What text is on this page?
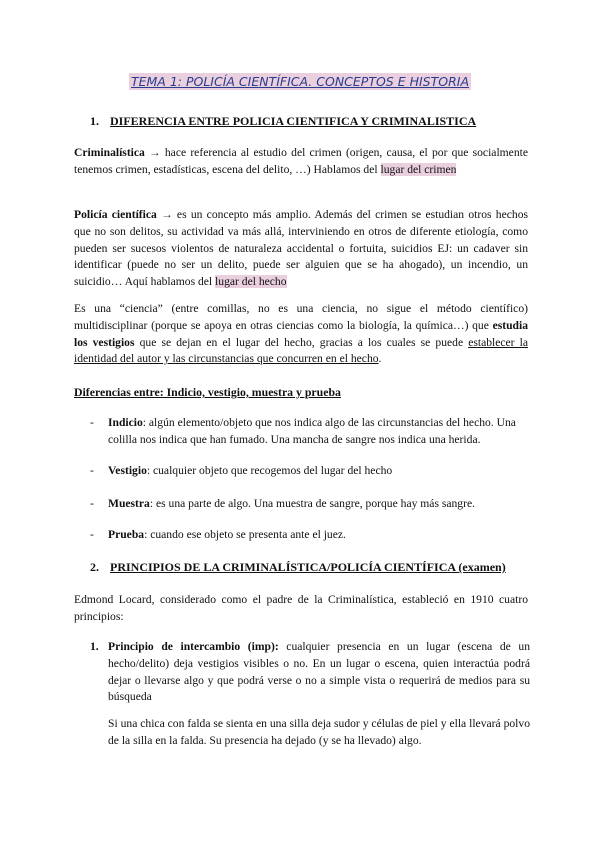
TEMA 1: POLICÍA CIENTÍFICA. CONCEPTOS E HISTORIA
1. DIFERENCIA ENTRE POLICIA CIENTIFICA Y CRIMINALISTICA
Criminalística → hace referencia al estudio del crimen (origen, causa, el por que socialmente tenemos crimen, estadísticas, escena del delito, …) Hablamos del lugar del crimen
Policía científica → es un concepto más amplio. Además del crimen se estudian otros hechos que no son delitos, su actividad va más allá, interviniendo en otros de diferente etiología, como pueden ser sucesos violentos de naturaleza accidental o fortuita, suicidios EJ: un cadaver sin identificar (puede no ser un delito, puede ser alguien que se ha ahogado), un incendio, un suicidio… Aquí hablamos del lugar del hecho
Es una “ciencia” (entre comillas, no es una ciencia, no sigue el método científico) multidisciplinar (porque se apoya en otras ciencias como la biología, la química…) que estudia los vestigios que se dejan en el lugar del hecho, gracias a los cuales se puede establecer la identidad del autor y las circunstancias que concurren en el hecho.
Diferencias entre: Indicio, vestigio, muestra y prueba
- Indicio: algún elemento/objeto que nos indica algo de las circunstancias del hecho. Una colilla nos indica que han fumado. Una mancha de sangre nos indica una herida.
- Vestigio: cualquier objeto que recogemos del lugar del hecho
- Muestra: es una parte de algo. Una muestra de sangre, porque hay más sangre.
- Prueba: cuando ese objeto se presenta ante el juez.
2. PRINCIPIOS DE LA CRIMINALÍSTICA/POLICÍA CIENTÍFICA (examen)
Edmond Locard, considerado como el padre de la Criminalística, estableció en 1910 cuatro principios:
1. Principio de intercambio (imp): cualquier presencia en un lugar (escena de un hecho/delito) deja vestigios visibles o no. En un lugar o escena, quien interactúa podrá dejar o llevarse algo y que podrá verse o no a simple vista o requerirá de medios para su búsqueda
Si una chica con falda se sienta en una silla deja sudor y células de piel y ella llevará polvo de la silla en la falda. Su presencia ha dejado (y se ha llevado) algo.
